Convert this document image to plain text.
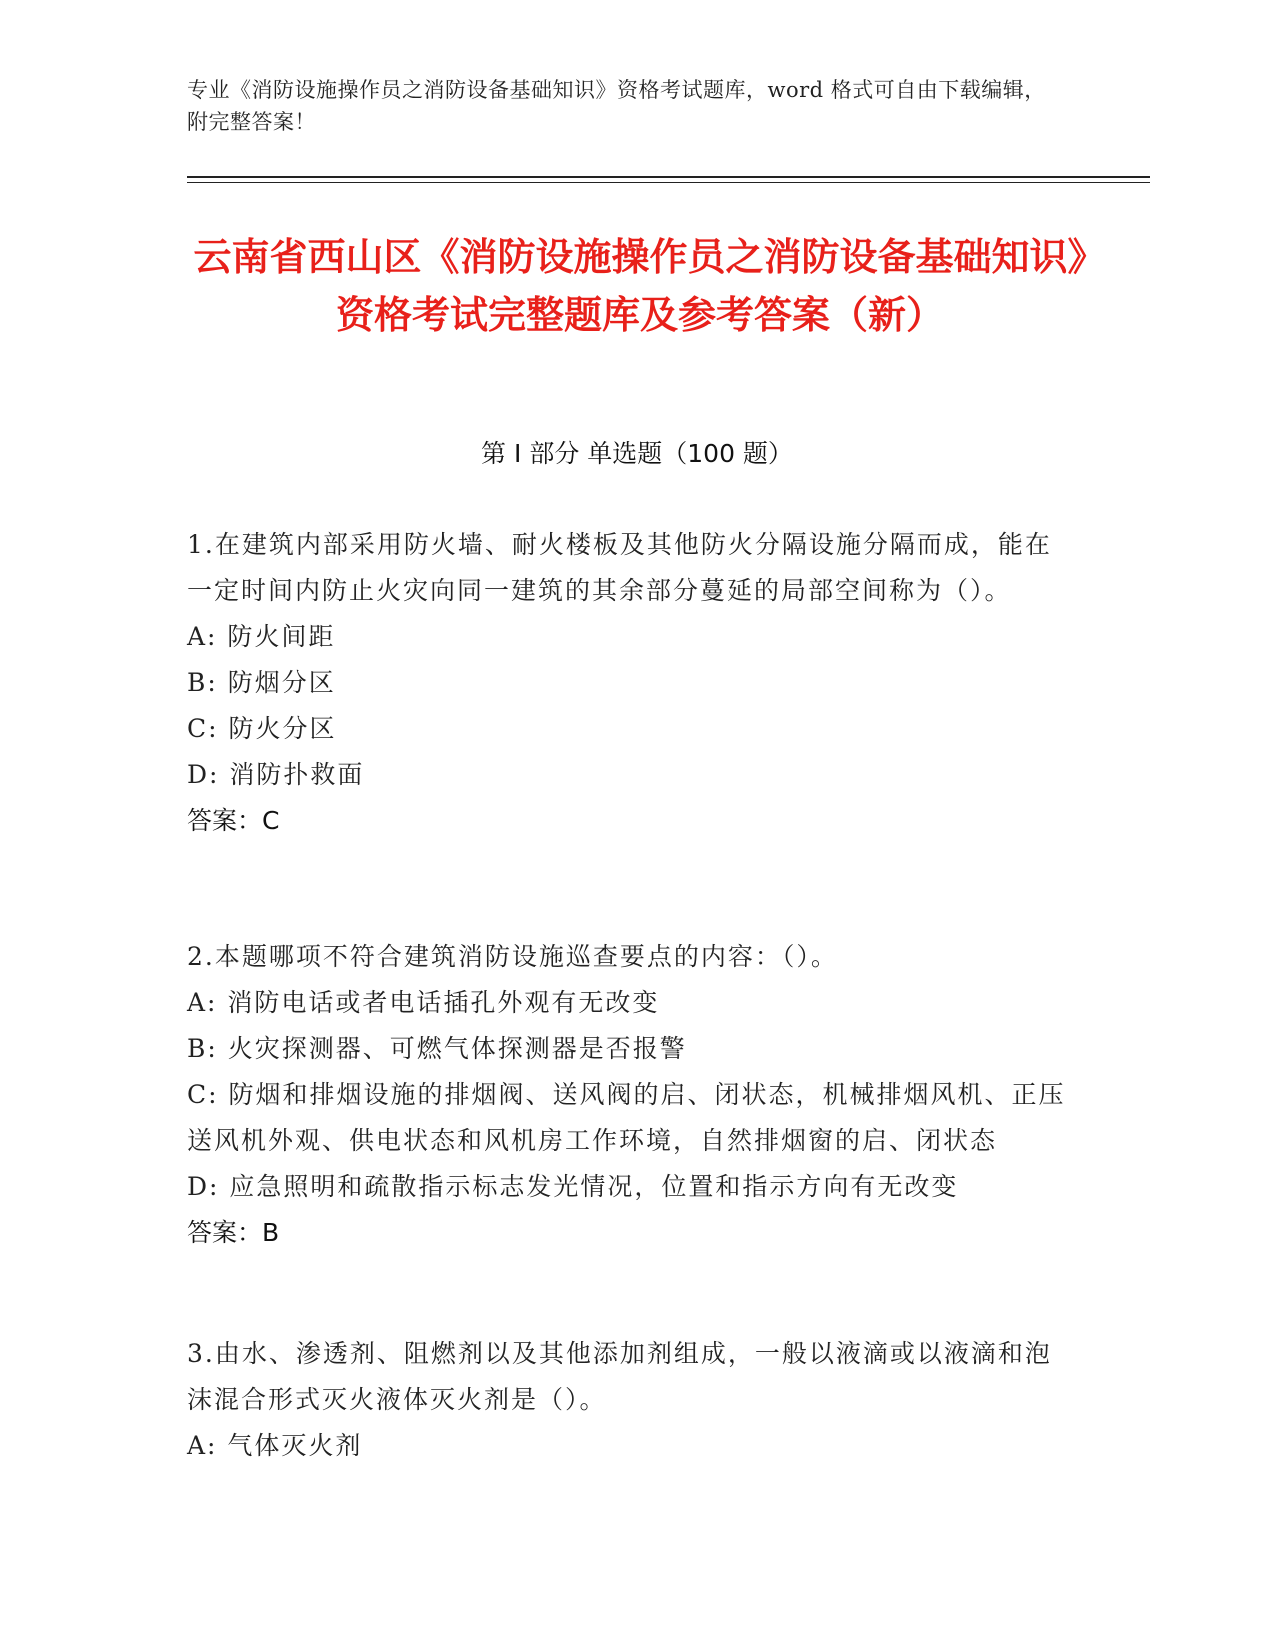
专业《消防设施操作员之消防设备基础知识》资格考试题库，word 格式可自由下载编辑，附完整答案！
云南省西山区《消防设施操作员之消防设备基础知识》资格考试完整题库及参考答案（新）
第 I 部分 单选题（100 题）

1.在建筑内部采用防火墙、耐火楼板及其他防火分隔设施分隔而成，能在一定时间内防止火灾向同一建筑的其余部分蔓延的局部空间称为（）。

A: 防火间距

B: 防烟分区

C: 防火分区

D: 消防扑救面

答案：C

2.本题哪项不符合建筑消防设施巡查要点的内容：（）。

A: 消防电话或者电话插孔外观有无改变

B: 火灾探测器、可燃气体探测器是否报警

C: 防烟和排烟设施的排烟阀、送风阀的启、闭状态，机械排烟风机、正压送风机外观、供电状态和风机房工作环境，自然排烟窗的启、闭状态

D: 应急照明和疏散指示标志发光情况，位置和指示方向有无改变

答案：B

3.由水、渗透剂、阻燃剂以及其他添加剂组成，一般以液滴或以液滴和泡沫混合形式灭火液体灭火剂是（）。

A: 气体灭火剂
